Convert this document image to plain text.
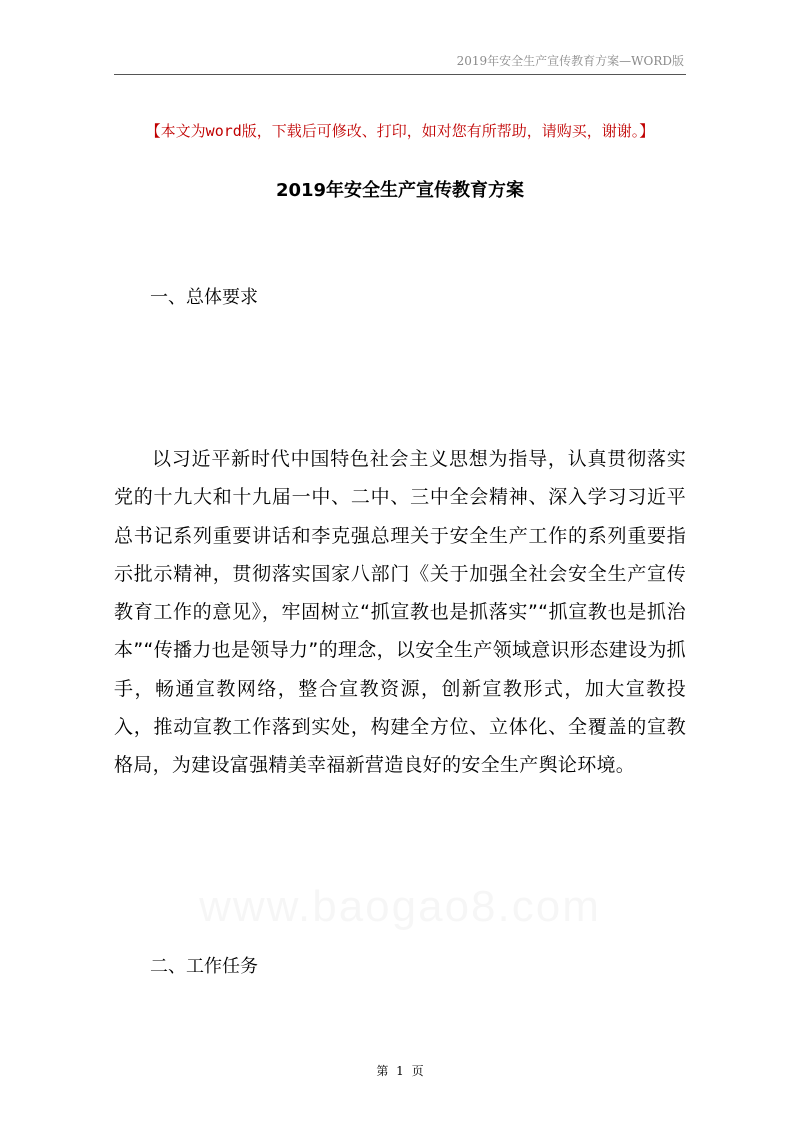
2019年安全生产宣传教育方案—WORD版
【本文为word版，下载后可修改、打印，如对您有所帮助，请购买，谢谢。】
2019年安全生产宣传教育方案
一、总体要求

以习近平新时代中国特色社会主义思想为指导，认真贯彻落实党的十九大和十九届一中、二中、三中全会精神、深入学习习近平总书记系列重要讲话和李克强总理关于安全生产工作的系列重要指示批示精神，贯彻落实国家八部门《关于加强全社会安全生产宣传教育工作的意见》，牢固树立“抓宣教也是抓落实”“抓宣教也是抓治本”“传播力也是领导力”的理念，以安全生产领域意识形态建设为抓手，畅通宣教网络，整合宣教资源，创新宣教形式，加大宣教投入，推动宣教工作落到实处，构建全方位、立体化、全覆盖的宣教格局，为建设富强精美幸福新营造良好的安全生产舆论环境。

二、工作任务
第 1 页
